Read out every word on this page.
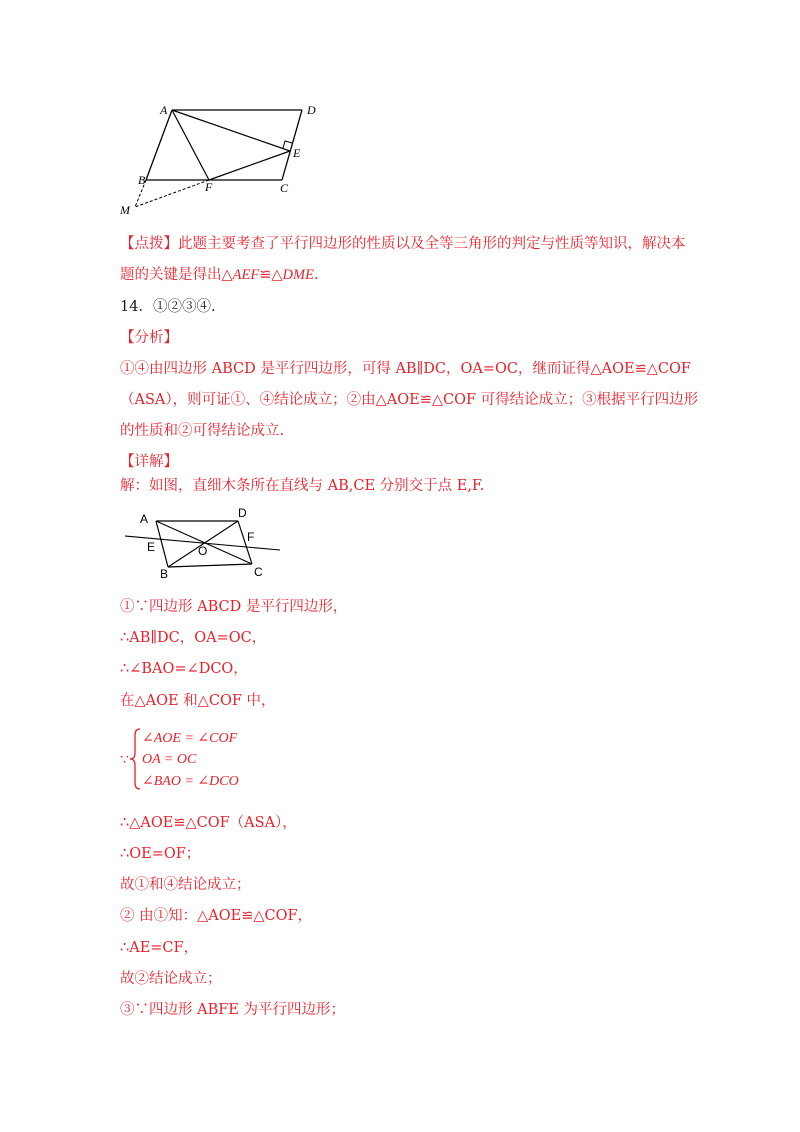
A	D
E
B	F	C
M
【点拨】此题主要考查了平行四边形的性质以及全等三角形的判定与性质等知识，解决本
题的关键是得出△AEF≌△DME.
14．①②③④.
【分析】
①④由四边形 ABCD 是平行四边形，可得 AB∥DC，OA=OC，继而证得△AOE≌△COF
（ASA），则可证①、④结论成立；②由△AOE≌△COF 可得结论成立；③根据平行四边形
的性质和②可得结论成立.
【详解】
解：如图，直细木条所在直线与 AB,CE 分别交于点 E,F.
A	D
E
F
O
B	C
①∵四边形 ABCD 是平行四边形，
∴AB∥DC，OA=OC，
∴∠BAO=∠DCO，
在△AOE 和△COF 中，
∵
∠AOE = ∠COF
OA = OC
∠BAO = ∠DCO
∴△AOE≌△COF（ASA），
∴OE=OF；
故①和④结论成立；
② 由①知：△AOE≌△COF，
∴AE=CF，
故②结论成立；
③∵四边形 ABFE 为平行四边形；
